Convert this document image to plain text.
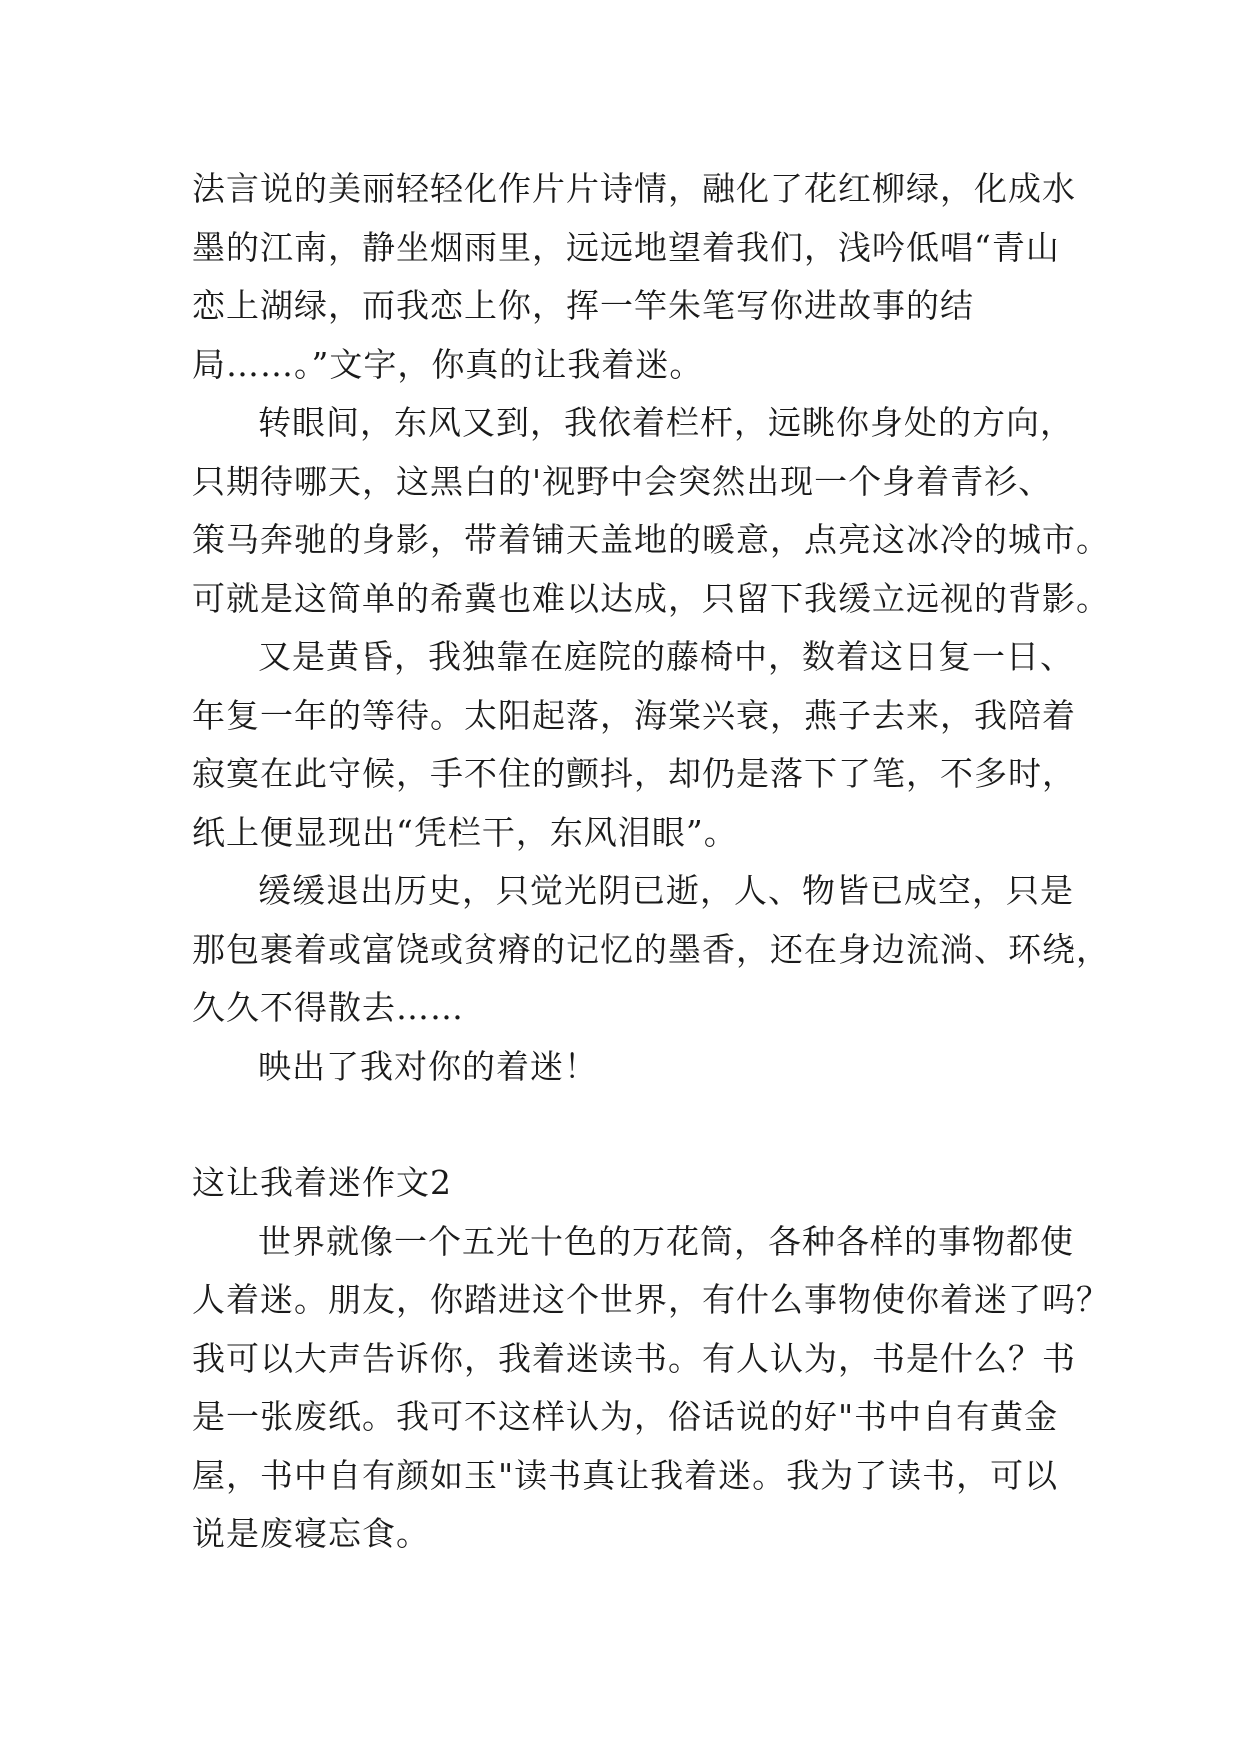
法言说的美丽轻轻化作片片诗情，融化了花红柳绿，化成水
墨的江南，静坐烟雨里，远远地望着我们，浅吟低唱“青山
恋上湖绿，而我恋上你，挥一竿朱笔写你进故事的结
局……。”文字，你真的让我着迷。

转眼间，东风又到，我依着栏杆，远眺你身处的方向，
只期待哪天，这黑白的'视野中会突然出现一个身着青衫、
策马奔驰的身影，带着铺天盖地的暖意，点亮这冰冷的城市。
可就是这简单的希冀也难以达成，只留下我缓立远视的背影。

又是黄昏，我独靠在庭院的藤椅中，数着这日复一日、
年复一年的等待。太阳起落，海棠兴衰，燕子去来，我陪着
寂寞在此守候，手不住的颤抖，却仍是落下了笔，不多时，
纸上便显现出“凭栏干，东风泪眼”。

缓缓退出历史，只觉光阴已逝，人、物皆已成空，只是
那包裹着或富饶或贫瘠的记忆的墨香，还在身边流淌、环绕，
久久不得散去……

映出了我对你的着迷！

这让我着迷作文2

世界就像一个五光十色的万花筒，各种各样的事物都使
人着迷。朋友，你踏进这个世界，有什么事物使你着迷了吗？
我可以大声告诉你，我着迷读书。有人认为，书是什么？书
是一张废纸。我可不这样认为，俗话说的好"书中自有黄金
屋，书中自有颜如玉"读书真让我着迷。我为了读书，可以
说是废寝忘食。
